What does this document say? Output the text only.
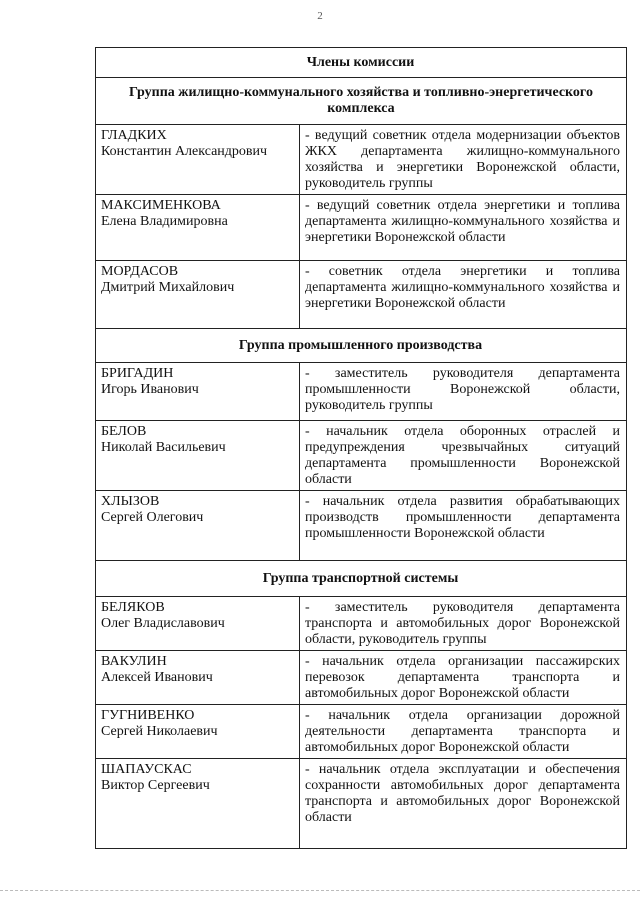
2
Члены комиссии	
Группа жилищно-коммунального хозяйства и топливно-энергетического комплекса	

ГЛАДКИХ
Константин Александрович	- ведущий советник отдела модернизации объектов ЖКХ департамента жилищно-коммунального хозяйства и энергетики Воронежской области, руководитель группы

МАКСИМЕНКОВА
Елена Владимировна	- ведущий советник отдела энергетики и топлива департамента жилищно-коммунального хозяйства и энергетики Воронежской области

МОРДАСОВ
Дмитрий Михайлович	- советник отдела энергетики и топлива департамента жилищно-коммунального хозяйства и энергетики Воронежской области
Группа промышленного производства	

БРИГАДИН
Игорь Иванович	- заместитель руководителя департамента промышленности Воронежской области, руководитель группы

БЕЛОВ
Николай Васильевич	- начальник отдела оборонных отраслей и предупреждения чрезвычайных ситуаций департамента промышленности Воронежской области

ХЛЫЗОВ
Сергей Олегович	- начальник отдела развития обрабатывающих производств промышленности департамента промышленности Воронежской области
Группа транспортной системы	

БЕЛЯКОВ
Олег Владиславович	- заместитель руководителя департамента транспорта и автомобильных дорог Воронежской области, руководитель группы

ВАКУЛИН
Алексей Иванович	- начальник отдела организации пассажирских перевозок департамента транспорта и автомобильных дорог Воронежской области

ГУГНИВЕНКО
Сергей Николаевич	- начальник отдела организации дорожной деятельности департамента транспорта и автомобильных дорог Воронежской области

ШАПАУСКАС
Виктор Сергеевич	- начальник отдела эксплуатации и обеспечения сохранности автомобильных дорог департамента транспорта и автомобильных дорог Воронежской области
